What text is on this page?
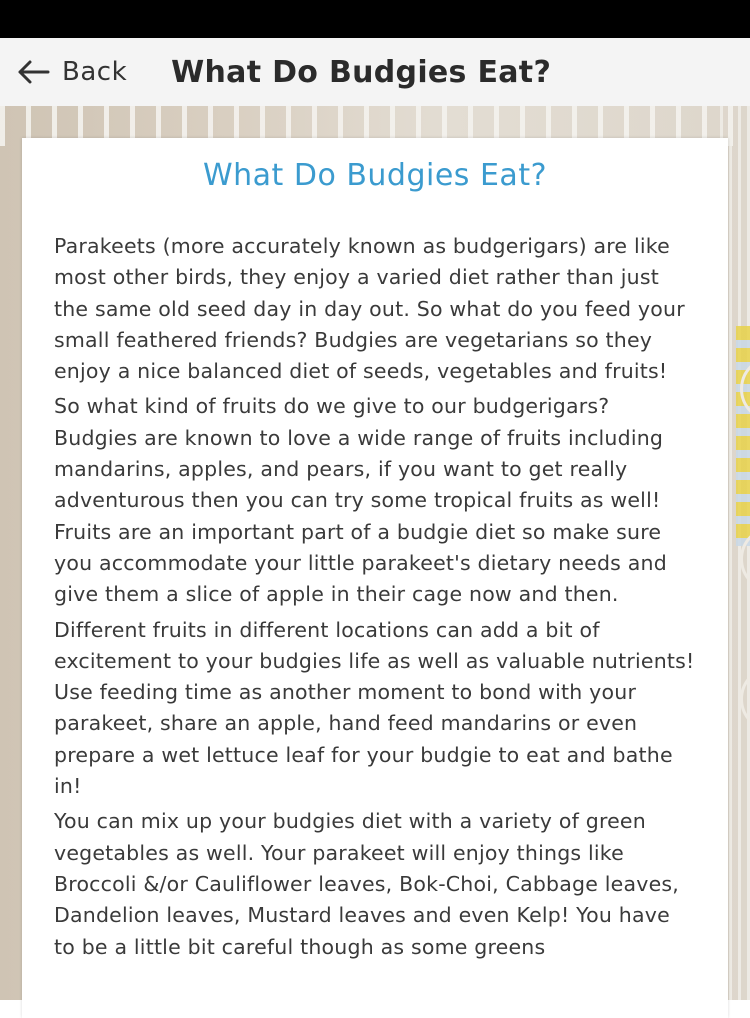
Back What Do Budgies Eat?
What Do Budgies Eat?

Parakeets (more accurately known as budgerigars) are like most other birds, they enjoy a varied diet rather than just the same old seed day in day out. So what do you feed your small feathered friends? Budgies are vegetarians so they enjoy a nice balanced diet of seeds, vegetables and fruits!

So what kind of fruits do we give to our budgerigars? Budgies are known to love a wide range of fruits including mandarins, apples, and pears, if you want to get really adventurous then you can try some tropical fruits as well! Fruits are an important part of a budgie diet so make sure you accommodate your little parakeet's dietary needs and give them a slice of apple in their cage now and then.

Different fruits in different locations can add a bit of excitement to your budgies life as well as valuable nutrients! Use feeding time as another moment to bond with your parakeet, share an apple, hand feed mandarins or even prepare a wet lettuce leaf for your budgie to eat and bathe in!

You can mix up your budgies diet with a variety of green vegetables as well. Your parakeet will enjoy things like Broccoli &/or Cauliflower leaves, Bok-Choi, Cabbage leaves, Dandelion leaves, Mustard leaves and even Kelp! You have to be a little bit careful though as some greens
